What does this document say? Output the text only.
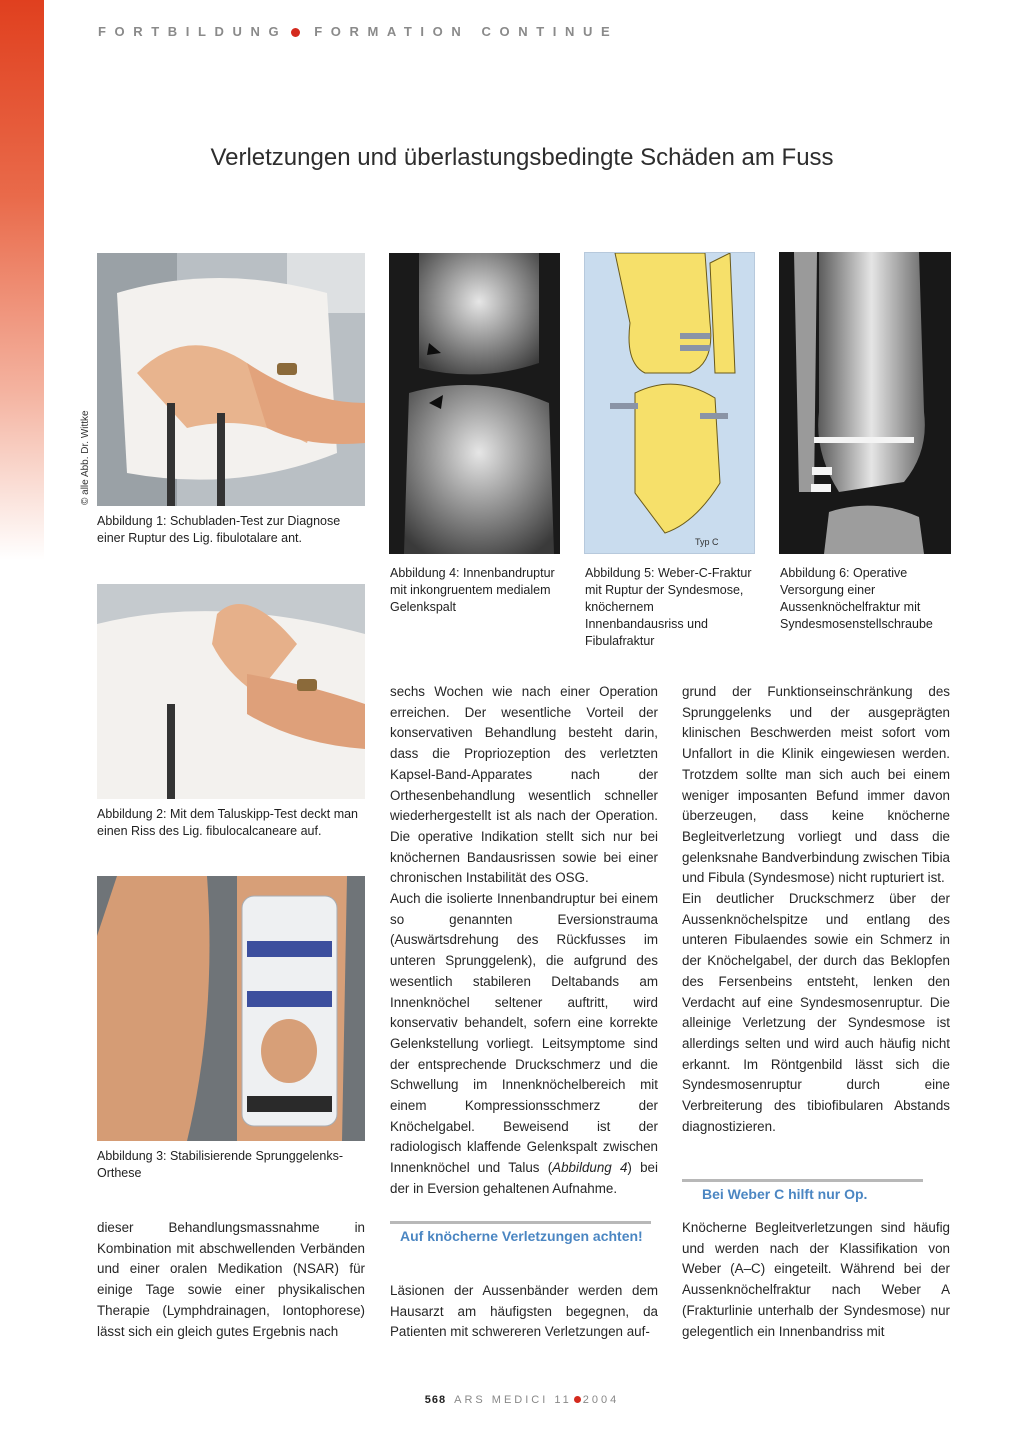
FORTBILDUNG FORMATION CONTINUE
Verletzungen und überlastungsbedingte Schäden am Fuss
© alle Abb. Dr. Wittke

Abbildung 1: Schubladen-Test zur Diagnose einer Ruptur des Lig. fibulotalare ant.

Abbildung 4: Innenbandruptur mit inkongruentem medialem Gelenkspalt

Typ C

Abbildung 5: Weber-C-Fraktur mit Ruptur der Syndesmose, knöchernem Innenbandausriss und Fibulafraktur

Abbildung 6: Operative Versorgung einer Aussenknöchelfraktur mit Syndesmosenstellschraube

Abbildung 2: Mit dem Taluskipp-Test deckt man einen Riss des Lig. fibulocalcaneare auf.

Abbildung 3: Stabilisierende Sprunggelenks-Orthese

dieser Behandlungsmassnahme in Kombination mit abschwellenden Verbänden und einer oralen Medikation (NSAR) für einige Tage sowie einer physikalischen Therapie (Lymphdrainagen, Iontophorese) lässt sich ein gleich gutes Ergebnis nach

sechs Wochen wie nach einer Operation erreichen. Der wesentliche Vorteil der konservativen Behandlung besteht darin, dass die Propriozeption des verletzten Kapsel-Band-Apparates nach der Orthesenbehandlung wesentlich schneller wiederhergestellt ist als nach der Operation. Die operative Indikation stellt sich nur bei knöchernen Bandausrissen sowie bei einer chronischen Instabilität des OSG.

Auch die isolierte Innenbandruptur bei einem so genannten Eversionstrauma (Auswärtsdrehung des Rückfusses im unteren Sprunggelenk), die aufgrund des wesentlich stabileren Deltabands am Innenknöchel seltener auftritt, wird konservativ behandelt, sofern eine korrekte Gelenkstellung vorliegt. Leitsymptome sind der entsprechende Druckschmerz und die Schwellung im Innenknöchelbereich mit einem Kompressionsschmerz der Knöchelgabel. Beweisend ist der radiologisch klaffende Gelenkspalt zwischen Innenknöchel und Talus (Abbildung 4) bei der in Eversion gehaltenen Aufnahme.

Auf knöcherne Verletzungen achten!

Läsionen der Aussenbänder werden dem Hausarzt am häufigsten begegnen, da Patienten mit schwereren Verletzungen auf-

grund der Funktionseinschränkung des Sprunggelenks und der ausgeprägten klinischen Beschwerden meist sofort vom Unfallort in die Klinik eingewiesen werden. Trotzdem sollte man sich auch bei einem weniger imposanten Befund immer davon überzeugen, dass keine knöcherne Begleitverletzung vorliegt und dass die gelenksnahe Bandverbindung zwischen Tibia und Fibula (Syndesmose) nicht rupturiert ist.

Ein deutlicher Druckschmerz über der Aussenknöchelspitze und entlang des unteren Fibulaendes sowie ein Schmerz in der Knöchelgabel, der durch das Beklopfen des Fersenbeins entsteht, lenken den Verdacht auf eine Syndesmosenruptur. Die alleinige Verletzung der Syndesmose ist allerdings selten und wird auch häufig nicht erkannt. Im Röntgenbild lässt sich die Syndesmosenruptur durch eine Verbreiterung des tibiofibularen Abstands diagnostizieren.

Bei Weber C hilft nur Op.

Knöcherne Begleitverletzungen sind häufig und werden nach der Klassifikation von Weber (A–C) eingeteilt. Während bei der Aussenknöchelfraktur nach Weber A (Frakturlinie unterhalb der Syndesmose) nur gelegentlich ein Innenbandriss mit

568 ARS MEDICI 11 2004
